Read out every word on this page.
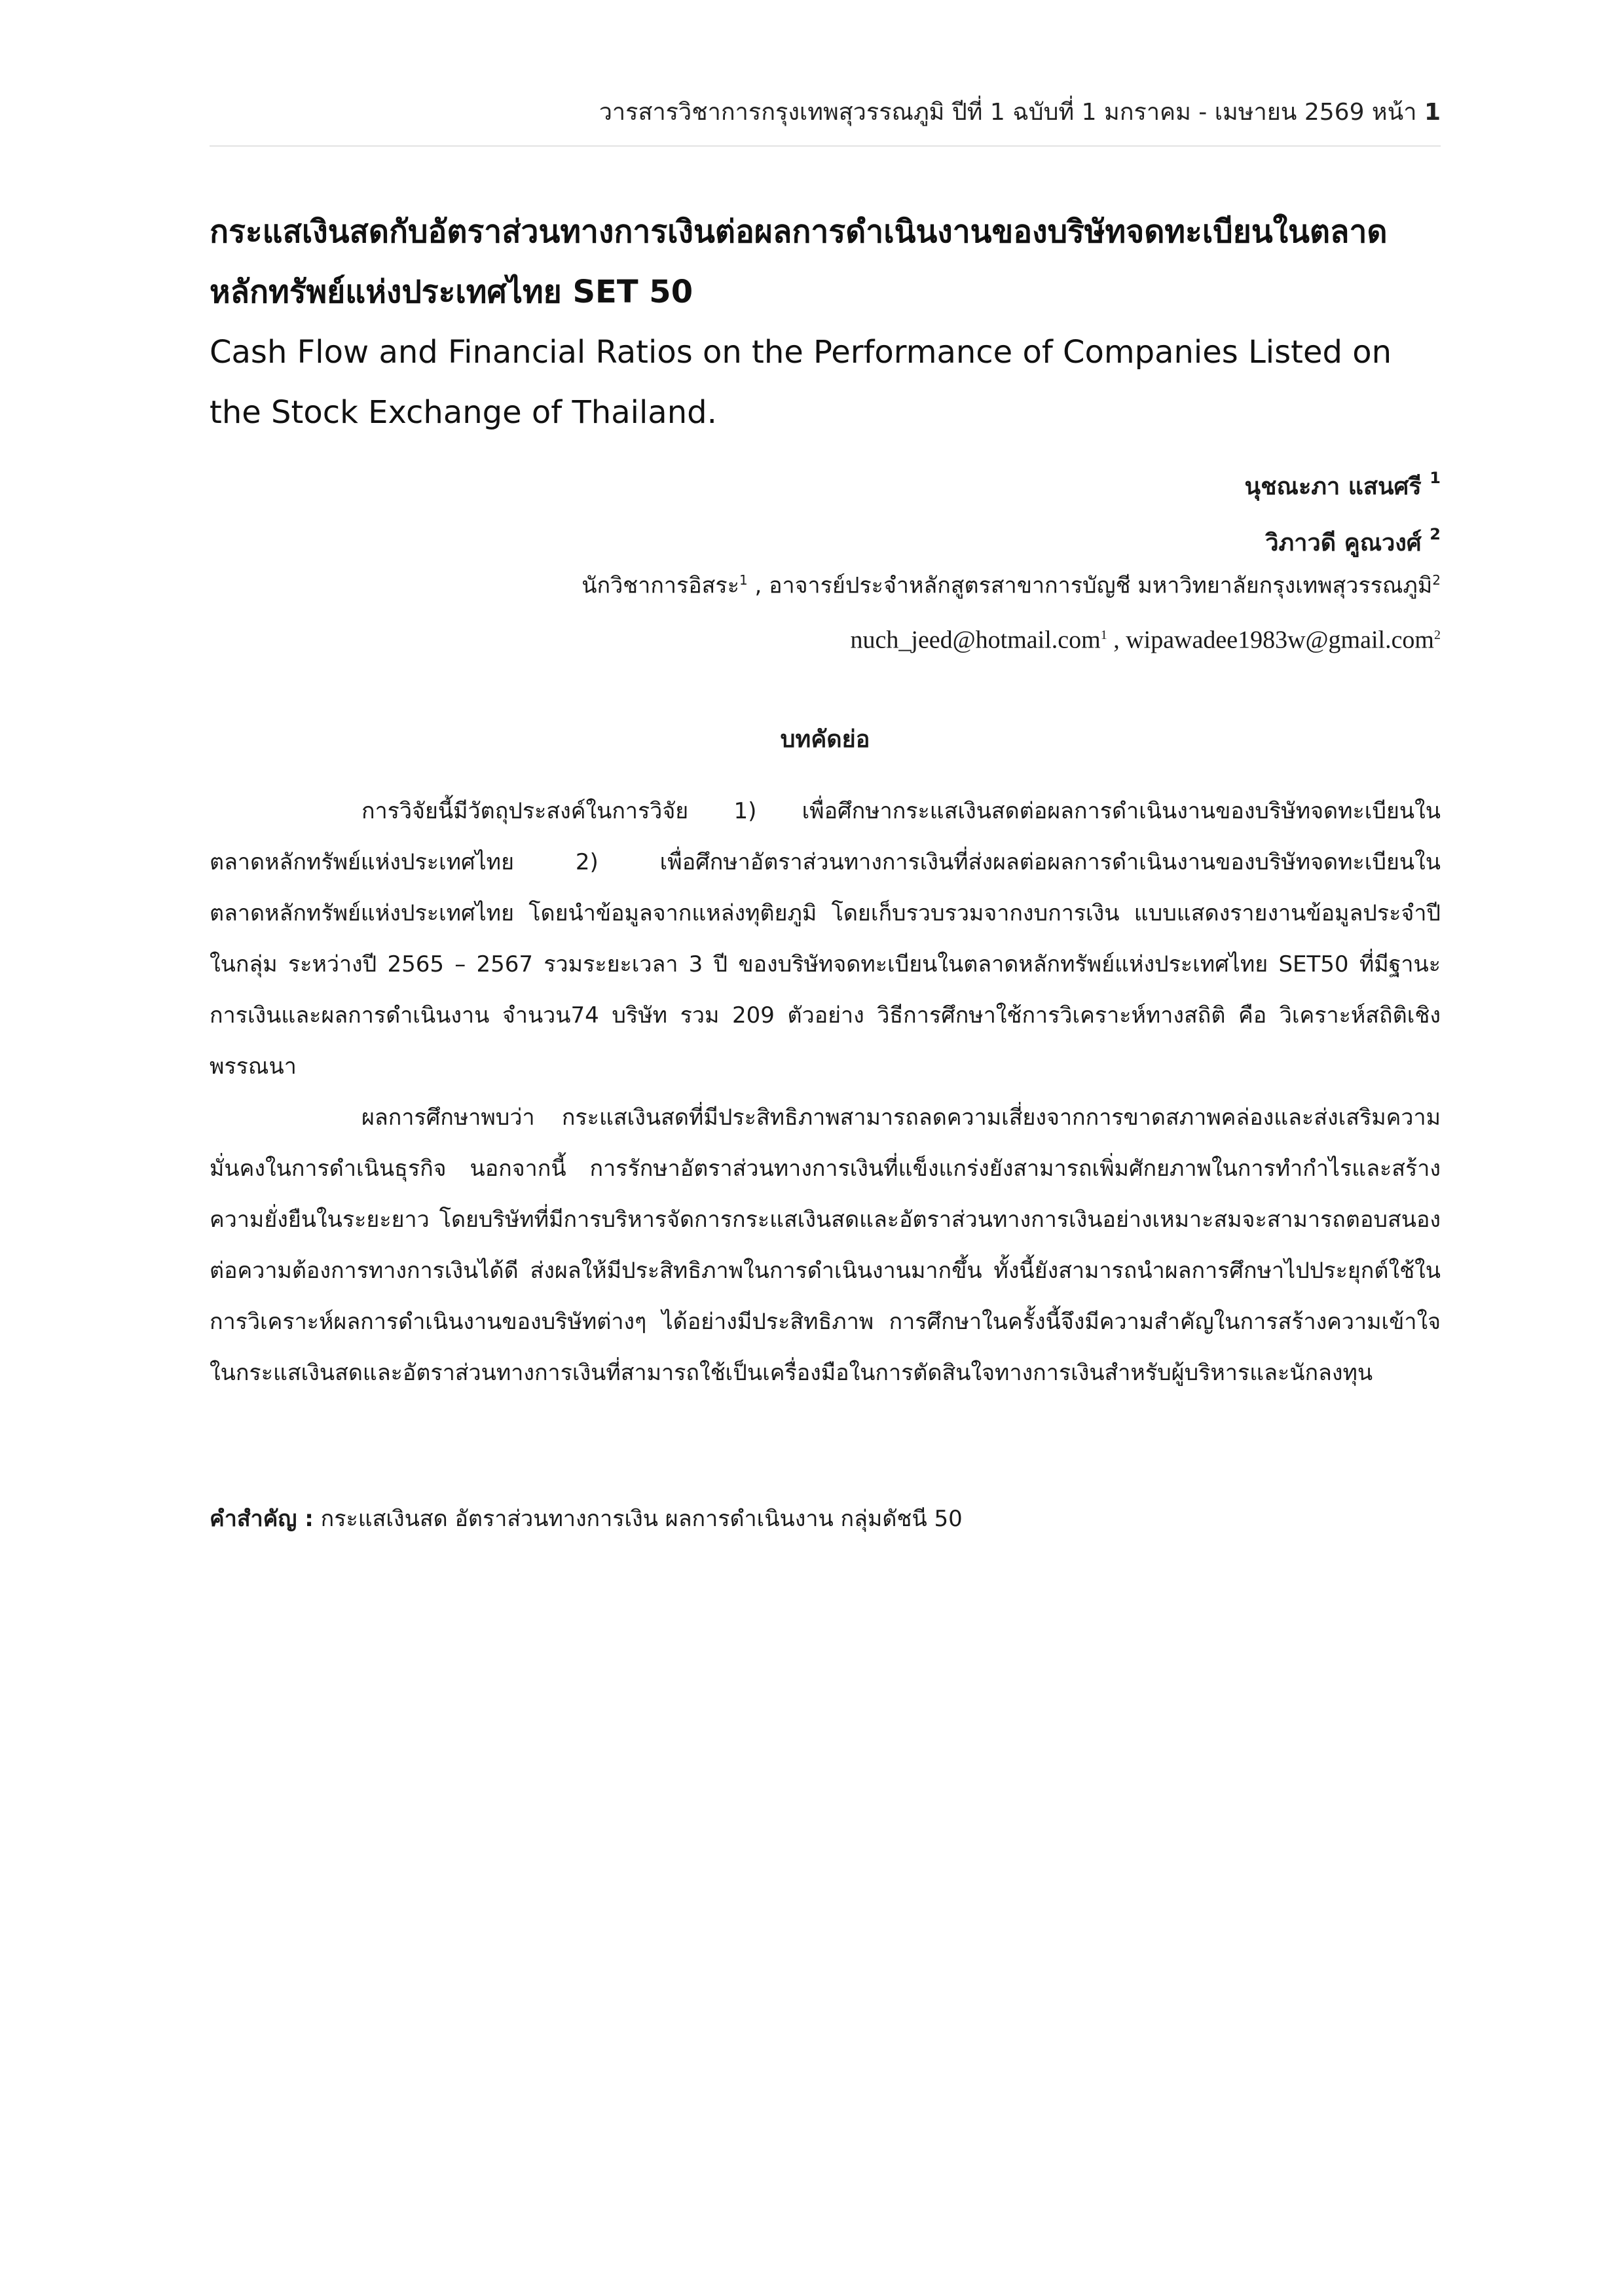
วารสารวิชาการกรุงเทพสุวรรณภูมิ ปีที่ 1 ฉบับที่ 1 มกราคม - เมษายน 2569 หน้า 1

กระแสเงินสดกับอัตราส่วนทางการเงินต่อผลการดำเนินงานของบริษัทจดทะเบียนในตลาด

หลักทรัพย์แห่งประเทศไทย SET 50

Cash Flow and Financial Ratios on the Performance of Companies Listed on

the Stock Exchange of Thailand.

นุชณะภา แสนศรี $^1$
วิภาวดี คูณวงศ์ $^2$
นักวิชาการอิสระ$^1$ , อาจารย์ประจำหลักสูตรสาขาการบัญชี มหาวิทยาลัยกรุงเทพสุวรรณภูมิ$^2$
nuch_jeed@hotmail.com$^1$ , wipawadee1983w@gmail.com$^2$
บทคัดย่อ

การวิจัยนี้มีวัตถุประสงค์ในการวิจัย 1) เพื่อศึกษากระแสเงินสดต่อผลการดำเนินงานของบริษัทจดทะเบียนในตลาดหลักทรัพย์แห่งประเทศไทย 2) เพื่อศึกษาอัตราส่วนทางการเงินที่ส่งผลต่อผลการดำเนินงานของบริษัทจดทะเบียนในตลาดหลักทรัพย์แห่งประเทศไทย โดยนำข้อมูลจากแหล่งทุติยภูมิ โดยเก็บรวบรวมจากงบการเงิน แบบแสดงรายงานข้อมูลประจำปี ในกลุ่ม ระหว่างปี 2565 – 2567 รวมระยะเวลา 3 ปี ของบริษัทจดทะเบียนในตลาดหลักทรัพย์แห่งประเทศไทย SET50 ที่มีฐานะการเงินและผลการดำเนินงาน จำนวน74 บริษัท รวม 209 ตัวอย่าง วิธีการศึกษาใช้การวิเคราะห์ทางสถิติ คือ วิเคราะห์สถิติเชิงพรรณนา

ผลการศึกษาพบว่า กระแสเงินสดที่มีประสิทธิภาพสามารถลดความเสี่ยงจากการขาดสภาพคล่องและส่งเสริมความมั่นคงในการดำเนินธุรกิจ นอกจากนี้ การรักษาอัตราส่วนทางการเงินที่แข็งแกร่งยังสามารถเพิ่มศักยภาพในการทำกำไรและสร้างความยั่งยืนในระยะยาว โดยบริษัทที่มีการบริหารจัดการกระแสเงินสดและอัตราส่วนทางการเงินอย่างเหมาะสมจะสามารถตอบสนองต่อความต้องการทางการเงินได้ดี ส่งผลให้มีประสิทธิภาพในการดำเนินงานมากขึ้น ทั้งนี้ยังสามารถนำผลการศึกษาไปประยุกต์ใช้ในการวิเคราะห์ผลการดำเนินงานของบริษัทต่างๆ ได้อย่างมีประสิทธิภาพ การศึกษาในครั้งนี้จึงมีความสำคัญในการสร้างความเข้าใจในกระแสเงินสดและอัตราส่วนทางการเงินที่สามารถใช้เป็นเครื่องมือในการตัดสินใจทางการเงินสำหรับผู้บริหารและนักลงทุน

คำสำคัญ : กระแสเงินสด อัตราส่วนทางการเงิน ผลการดำเนินงาน กลุ่มดัชนี 50
